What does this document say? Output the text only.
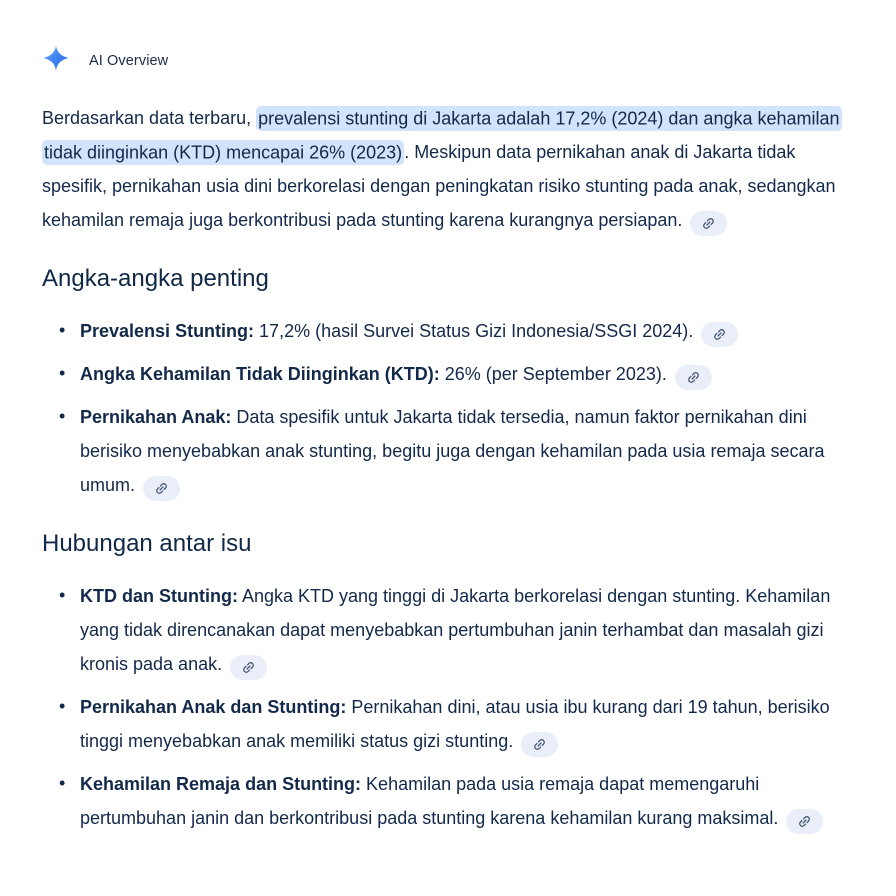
AI Overview

Berdasarkan data terbaru, prevalensi stunting di Jakarta adalah 17,2% (2024) dan angka kehamilan tidak diinginkan (KTD) mencapai 26% (2023) . Meskipun data pernikahan anak di Jakarta tidak spesifik, pernikahan usia dini berkorelasi dengan peningkatan risiko stunting pada anak, sedangkan kehamilan remaja juga berkontribusi pada stunting karena kurangnya persiapan.

Angka-angka penting
• Prevalensi Stunting: 17,2% (hasil Survei Status Gizi Indonesia/SSGI 2024).
• Angka Kehamilan Tidak Diinginkan (KTD): 26% (per September 2023).
• Pernikahan Anak: Data spesifik untuk Jakarta tidak tersedia, namun faktor pernikahan dini berisiko menyebabkan anak stunting, begitu juga dengan kehamilan pada usia remaja secara umum.
Hubungan antar isu
• KTD dan Stunting: Angka KTD yang tinggi di Jakarta berkorelasi dengan stunting. Kehamilan yang tidak direncanakan dapat menyebabkan pertumbuhan janin terhambat dan masalah gizi kronis pada anak.
• Pernikahan Anak dan Stunting: Pernikahan dini, atau usia ibu kurang dari 19 tahun, berisiko tinggi menyebabkan anak memiliki status gizi stunting.
• Kehamilan Remaja dan Stunting: Kehamilan pada usia remaja dapat memengaruhi pertumbuhan janin dan berkontribusi pada stunting karena kehamilan kurang maksimal.
